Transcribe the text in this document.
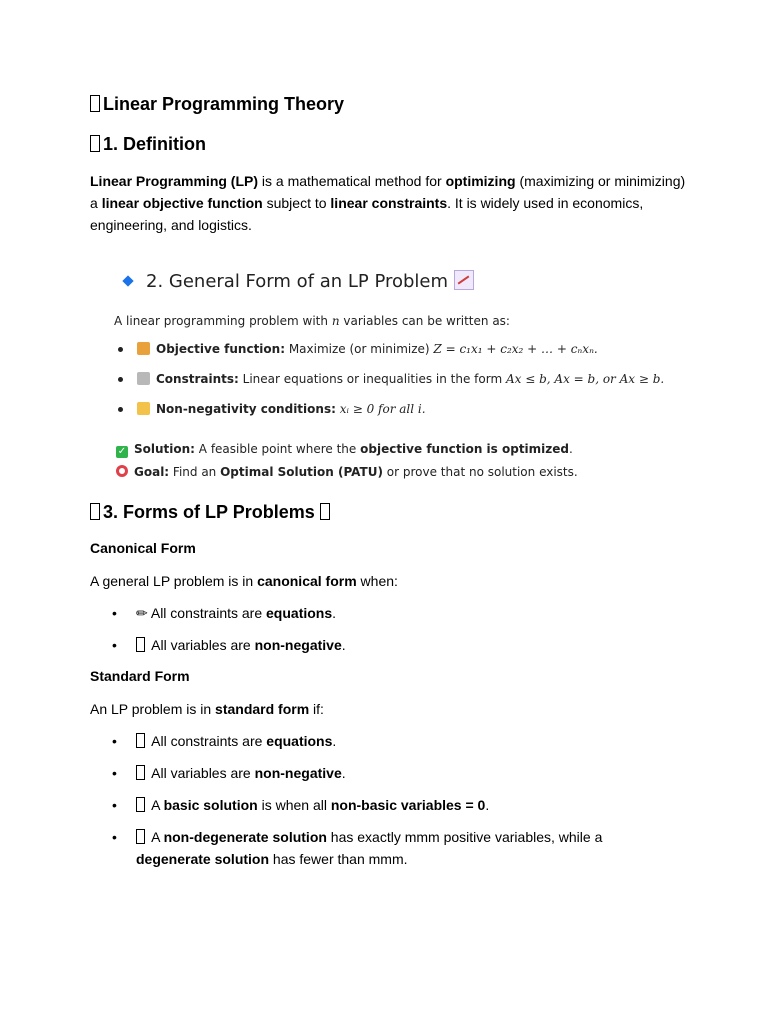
Linear Programming Theory
1. Definition
Linear Programming (LP) is a mathematical method for optimizing (maximizing or minimizing) a linear objective function subject to linear constraints. It is widely used in economics, engineering, and logistics.
3. Forms of LP Problems
Canonical Form
A general LP problem is in canonical form when:
• ✏ All constraints are equations.
•	All variables are non-negative.
Standard Form
An LP problem is in standard form if:
•	All constraints are equations.
•	All variables are non-negative.
•	A basic solution is when all non-basic variables = 0.
•	A non-degenerate solution has exactly mmm positive variables, while a degenerate solution has fewer than mmm.
2. General Form of an LP Problem
A linear programming problem with n variables can be written as:
Objective function: Maximize (or minimize) Z = c₁x₁ + c₂x₂ + … + cₙxₙ.
Constraints: Linear equations or inequalities in the form Ax ≤ b, Ax = b, or Ax ≥ b.
Non-negativity conditions: xᵢ ≥ 0 for all i.
✓ Solution: A feasible point where the objective function is optimized.
Goal: Find an Optimal Solution (PATU) or prove that no solution exists.
